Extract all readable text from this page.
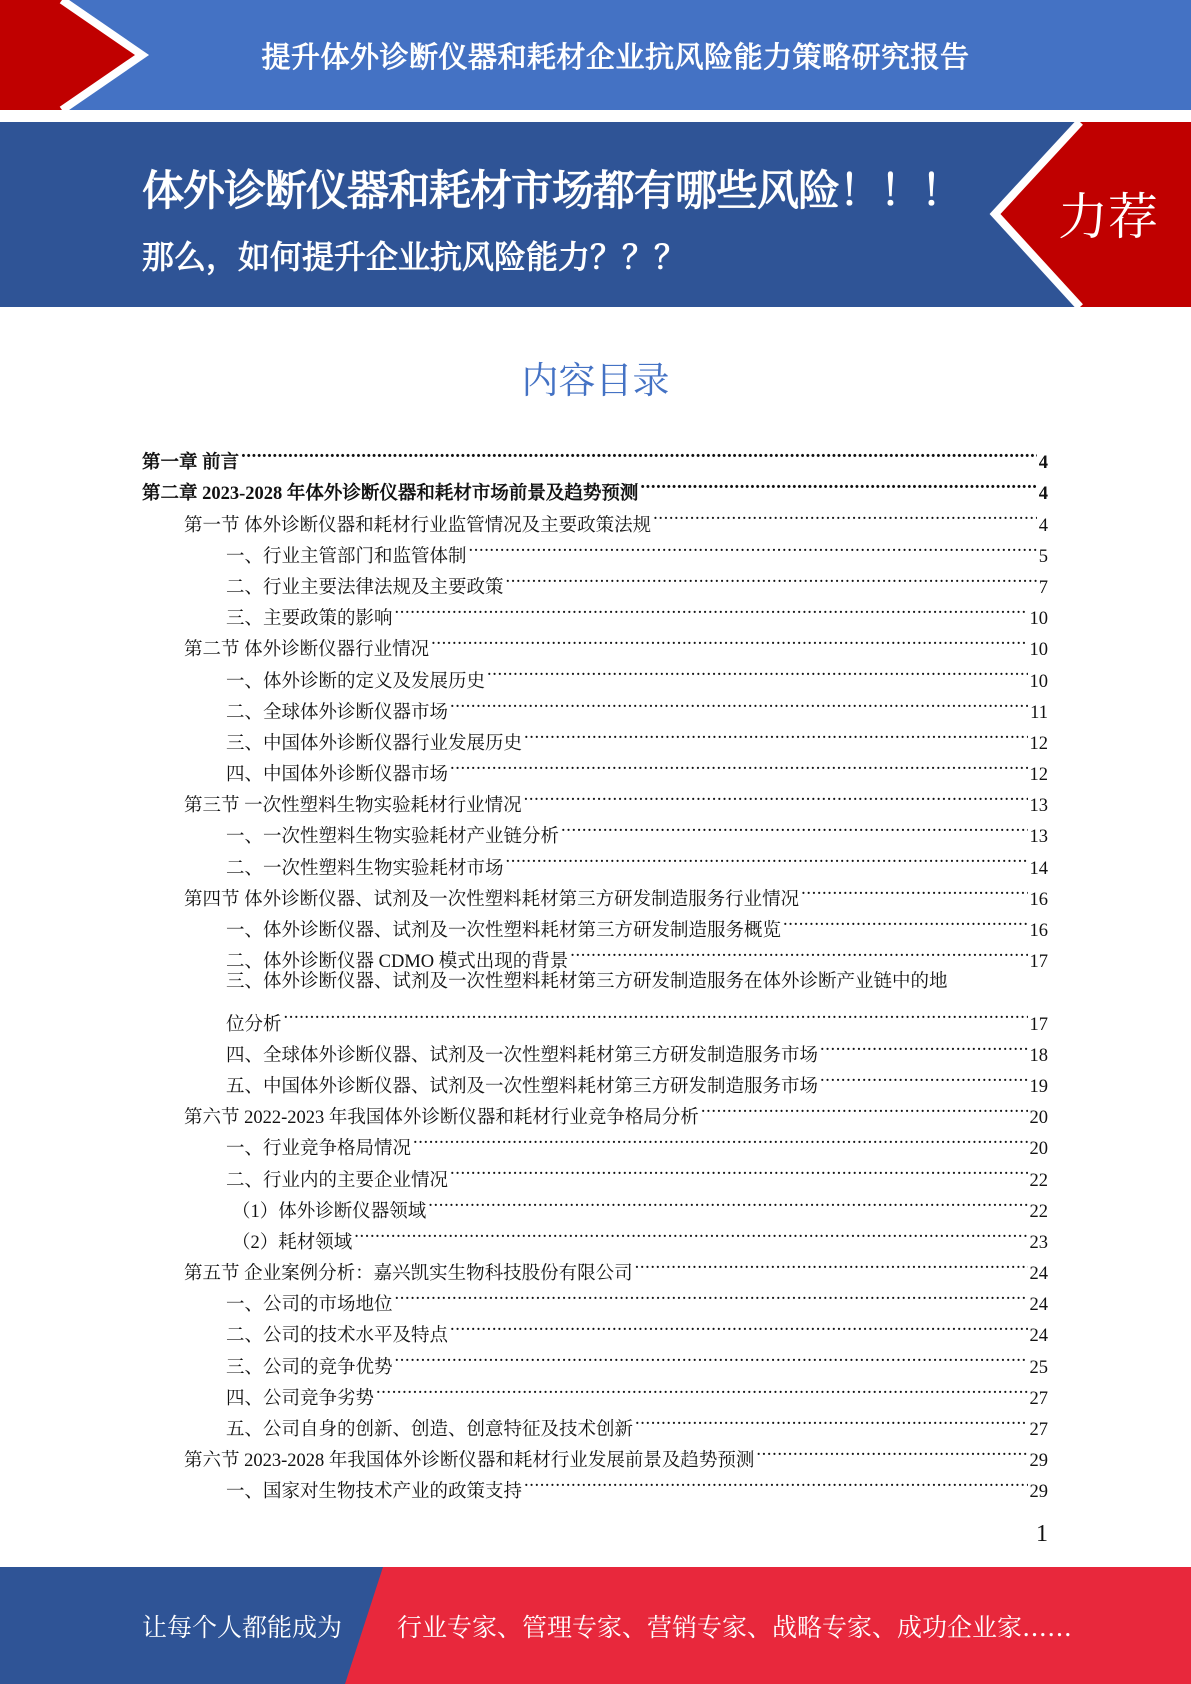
提升体外诊断仪器和耗材企业抗风险能力策略研究报告
体外诊断仪器和耗材市场都有哪些风险！！！
那么，如何提升企业抗风险能力？？？
力荐
内容目录
第一章 前言 .....	4
第二章 2023-2028 年体外诊断仪器和耗材市场前景及趋势预测 .....	4
第一节 体外诊断仪器和耗材行业监管情况及主要政策法规 .....	4
一、行业主管部门和监管体制 .....	5
二、行业主要法律法规及主要政策 .....	7
三、主要政策的影响 .....	10
第二节 体外诊断仪器行业情况 .....	10
一、体外诊断的定义及发展历史 .....	10
二、全球体外诊断仪器市场 .....	11
三、中国体外诊断仪器行业发展历史 .....	12
四、中国体外诊断仪器市场 .....	12
第三节 一次性塑料生物实验耗材行业情况 .....	13
一、一次性塑料生物实验耗材产业链分析 .....	13
二、一次性塑料生物实验耗材市场 .....	14
第四节 体外诊断仪器、试剂及一次性塑料耗材第三方研发制造服务行业情况 .....	16
一、体外诊断仪器、试剂及一次性塑料耗材第三方研发制造服务概览 .....	16
二、体外诊断仪器 CDMO 模式出现的背景 .....	17
三、体外诊断仪器、试剂及一次性塑料耗材第三方研发制造服务在体外诊断产业链中的地
位分析 .....	17
四、全球体外诊断仪器、试剂及一次性塑料耗材第三方研发制造服务市场 .....	18
五、中国体外诊断仪器、试剂及一次性塑料耗材第三方研发制造服务市场 .....	19
第六节 2022-2023 年我国体外诊断仪器和耗材行业竞争格局分析 .....	20
一、行业竞争格局情况 .....	20
二、行业内的主要企业情况 .....	22
（1）体外诊断仪器领域 .....	22
（2）耗材领域 .....	23
第五节 企业案例分析：嘉兴凯实生物科技股份有限公司 .....	24
一、公司的市场地位 .....	24
二、公司的技术水平及特点 .....	24
三、公司的竞争优势 .....	25
四、公司竞争劣势 .....	27
五、公司自身的创新、创造、创意特征及技术创新 .....	27
第六节 2023-2028 年我国体外诊断仪器和耗材行业发展前景及趋势预测 .....	29
一、国家对生物技术产业的政策支持 .....	29
1
让每个人都能成为 行业专家、管理专家、营销专家、战略专家、成功企业家……
